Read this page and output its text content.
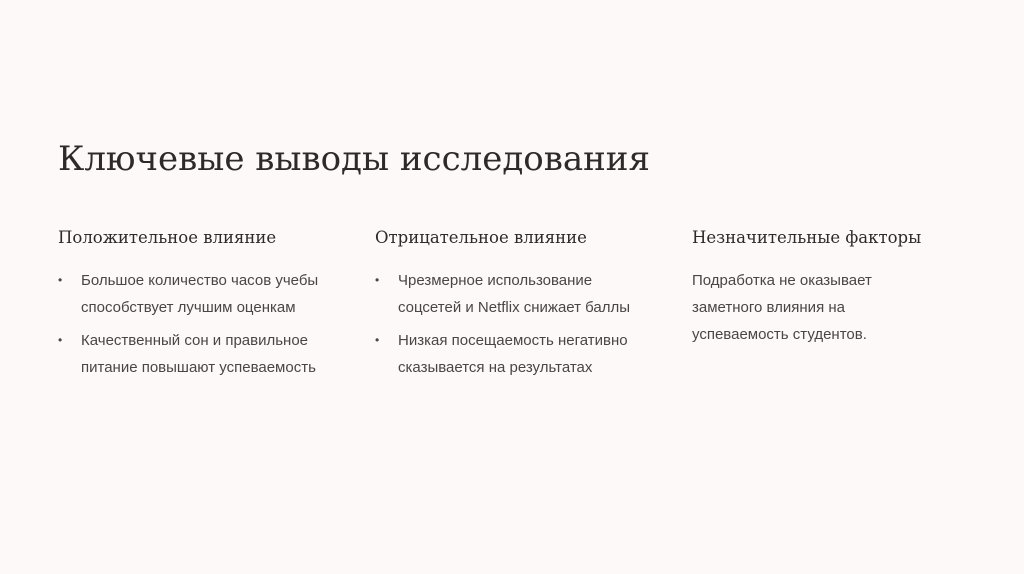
Ключевые выводы исследования
Положительное влияние
• Большое количество часов учебы способствует лучшим оценкам
• Качественный сон и правильное питание повышают успеваемость
Отрицательное влияние
• Чрезмерное использование соцсетей и Netflix снижает баллы
• Низкая посещаемость негативно сказывается на результатах
Незначительные факторы

Подработка не оказывает заметного влияния на успеваемость студентов.
